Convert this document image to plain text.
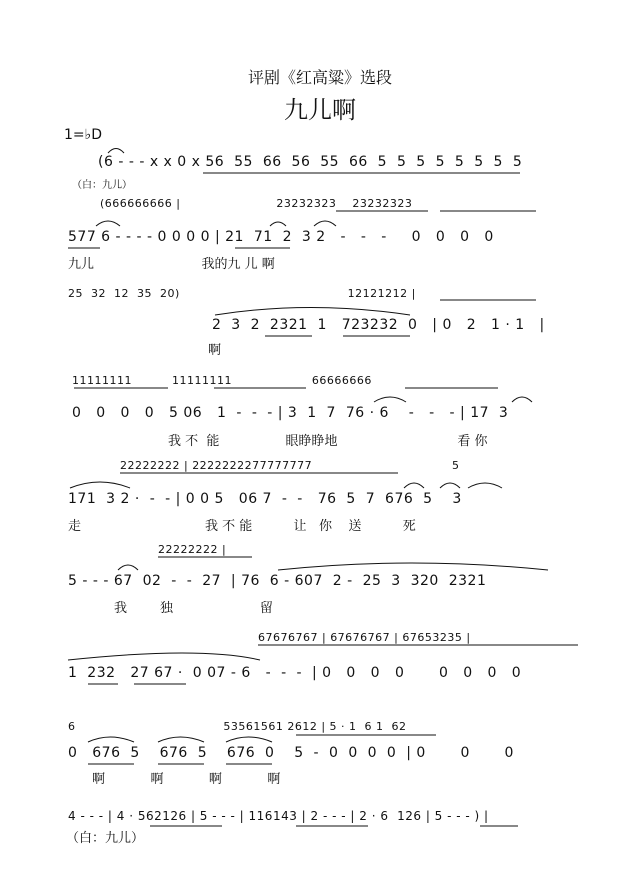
评剧《红高粱》选段
九儿啊
1=♭D
(6 - - - x x 0 x 56  55  66  56  55  66  5  5  5  5  5  5  5  5
（白：九儿）
(666666666 |                        23232323    23232323
577 6 - - - - 0 0 0 0 | 21  71  2  3 2   -   -   -     0   0   0   0
九儿                          我的九 儿 啊
25  32  12  35  20)                                          12121212 |
2  3  2  2321  1   723232  0   | 0   2   1 · 1   |
啊
11111111          11111111                    66666666
0   0   0   0   5 06   1  -  -  - | 3  1  7  76 · 6    -   -   - | 17  3
我 不  能                眼睁睁地                             看 你
22222222 | 2222222277777777                                   5
171  3 2 ·  -  - | 0 0 5   06 7  -  -   76  5  7  676  5    3
走                              我 不 能          让   你    送          死
22222222 |
5 - - - 67  02  -  -  27  | 76  6 - 607  2 -  25  3  320  2321
我        独                     留
67676767 | 67676767 | 67653235 |
1  232   27 67 ·  0 07 - 6   -  -  -  | 0   0   0   0       0   0   0   0
6                                     53561561 2612 | 5 · 1  6 1  62
0   676  5    676  5    676  0    5  -  0  0  0  0  | 0       0       0
啊           啊           啊           啊
4 - - - | 4 · 562126 | 5 - - - | 116143 | 2 - - - | 2 · 6  126 | 5 - - - ) |
（白：九儿）
